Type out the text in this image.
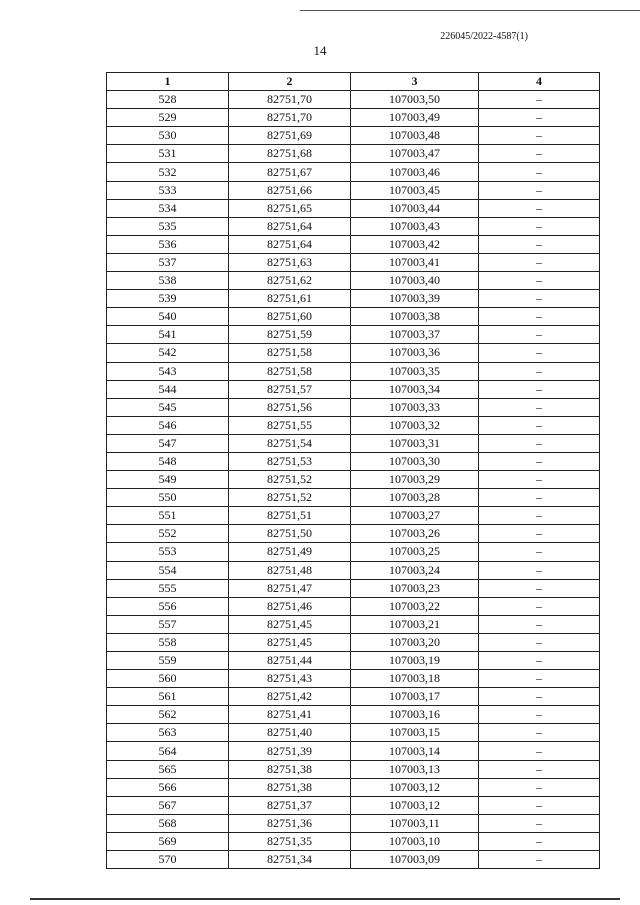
226045/2022-4587(1)
14
1	2	3	4
528	82751,70	107003,50	–
529	82751,70	107003,49	–
530	82751,69	107003,48	–
531	82751,68	107003,47	–
532	82751,67	107003,46	–
533	82751,66	107003,45	–
534	82751,65	107003,44	–
535	82751,64	107003,43	–
536	82751,64	107003,42	–
537	82751,63	107003,41	–
538	82751,62	107003,40	–
539	82751,61	107003,39	–
540	82751,60	107003,38	–
541	82751,59	107003,37	–
542	82751,58	107003,36	–
543	82751,58	107003,35	–
544	82751,57	107003,34	–
545	82751,56	107003,33	–
546	82751,55	107003,32	–
547	82751,54	107003,31	–
548	82751,53	107003,30	–
549	82751,52	107003,29	–
550	82751,52	107003,28	–
551	82751,51	107003,27	–
552	82751,50	107003,26	–
553	82751,49	107003,25	–
554	82751,48	107003,24	–
555	82751,47	107003,23	–
556	82751,46	107003,22	–
557	82751,45	107003,21	–
558	82751,45	107003,20	–
559	82751,44	107003,19	–
560	82751,43	107003,18	–
561	82751,42	107003,17	–
562	82751,41	107003,16	–
563	82751,40	107003,15	–
564	82751,39	107003,14	–
565	82751,38	107003,13	–
566	82751,38	107003,12	–
567	82751,37	107003,12	–
568	82751,36	107003,11	–
569	82751,35	107003,10	–
570	82751,34	107003,09	–
